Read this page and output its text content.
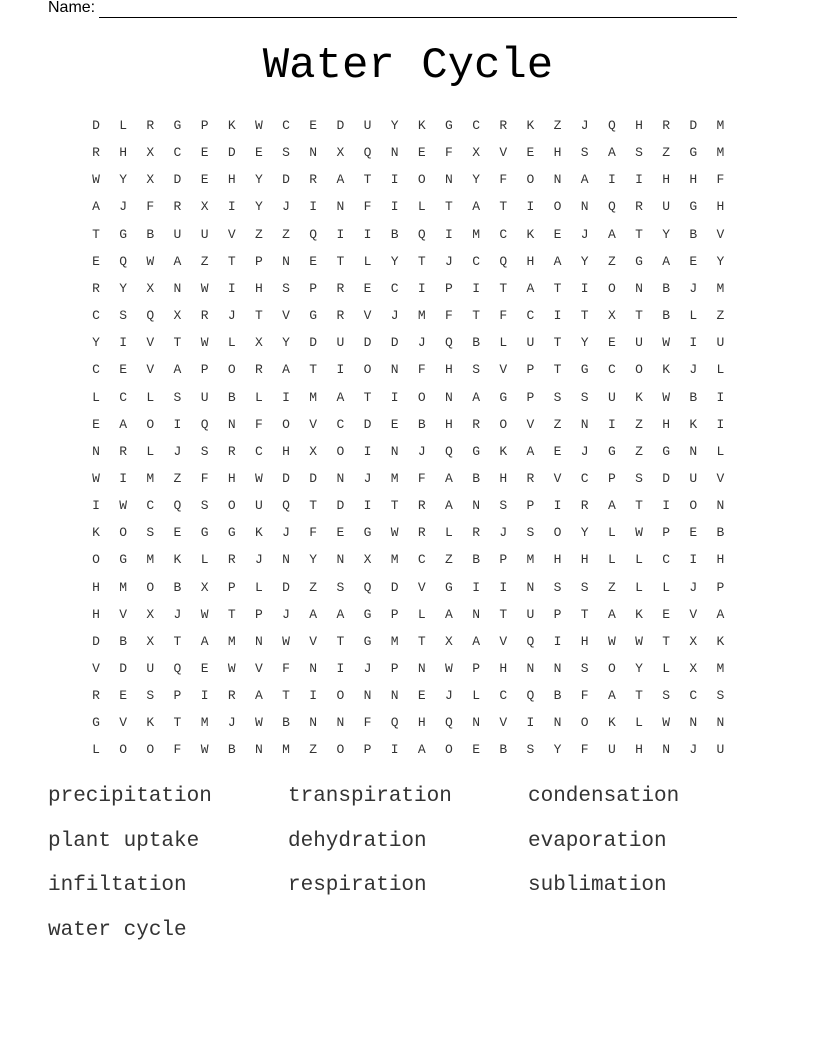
Name:
Water Cycle
D	L	R	G	P	K	W	C	E	D	U	Y	K	G	C	R	K	Z	J	Q	H	R	D	M
R	H	X	C	E	D	E	S	N	X	Q	N	E	F	X	V	E	H	S	A	S	Z	G	M
W	Y	X	D	E	H	Y	D	R	A	T	I	O	N	Y	F	O	N	A	I	I	H	H	F
A	J	F	R	X	I	Y	J	I	N	F	I	L	T	A	T	I	O	N	Q	R	U	G	H
T	G	B	U	U	V	Z	Z	Q	I	I	B	Q	I	M	C	K	E	J	A	T	Y	B	V
E	Q	W	A	Z	T	P	N	E	T	L	Y	T	J	C	Q	H	A	Y	Z	G	A	E	Y
R	Y	X	N	W	I	H	S	P	R	E	C	I	P	I	T	A	T	I	O	N	B	J	M
C	S	Q	X	R	J	T	V	G	R	V	J	M	F	T	F	C	I	T	X	T	B	L	Z
Y	I	V	T	W	L	X	Y	D	U	D	D	J	Q	B	L	U	T	Y	E	U	W	I	U
C	E	V	A	P	O	R	A	T	I	O	N	F	H	S	V	P	T	G	C	O	K	J	L
L	C	L	S	U	B	L	I	M	A	T	I	O	N	A	G	P	S	S	U	K	W	B	I
E	A	O	I	Q	N	F	O	V	C	D	E	B	H	R	O	V	Z	N	I	Z	H	K	I
N	R	L	J	S	R	C	H	X	O	I	N	J	Q	G	K	A	E	J	G	Z	G	N	L
W	I	M	Z	F	H	W	D	D	N	J	M	F	A	B	H	R	V	C	P	S	D	U	V
I	W	C	Q	S	O	U	Q	T	D	I	T	R	A	N	S	P	I	R	A	T	I	O	N
K	O	S	E	G	G	K	J	F	E	G	W	R	L	R	J	S	O	Y	L	W	P	E	B
O	G	M	K	L	R	J	N	Y	N	X	M	C	Z	B	P	M	H	H	L	L	C	I	H
H	M	O	B	X	P	L	D	Z	S	Q	D	V	G	I	I	N	S	S	Z	L	L	J	P
H	V	X	J	W	T	P	J	A	A	G	P	L	A	N	T	U	P	T	A	K	E	V	A
D	B	X	T	A	M	N	W	V	T	G	M	T	X	A	V	Q	I	H	W	W	T	X	K
V	D	U	Q	E	W	V	F	N	I	J	P	N	W	P	H	N	N	S	O	Y	L	X	M
R	E	S	P	I	R	A	T	I	O	N	N	E	J	L	C	Q	B	F	A	T	S	C	S
G	V	K	T	M	J	W	B	N	N	F	Q	H	Q	N	V	I	N	O	K	L	W	N	N
L	O	O	F	W	B	N	M	Z	O	P	I	A	O	E	B	S	Y	F	U	H	N	J	U
precipitation	transpiration	condensation
plant uptake	dehydration	evaporation
infiltation	respiration	sublimation
water cycle
